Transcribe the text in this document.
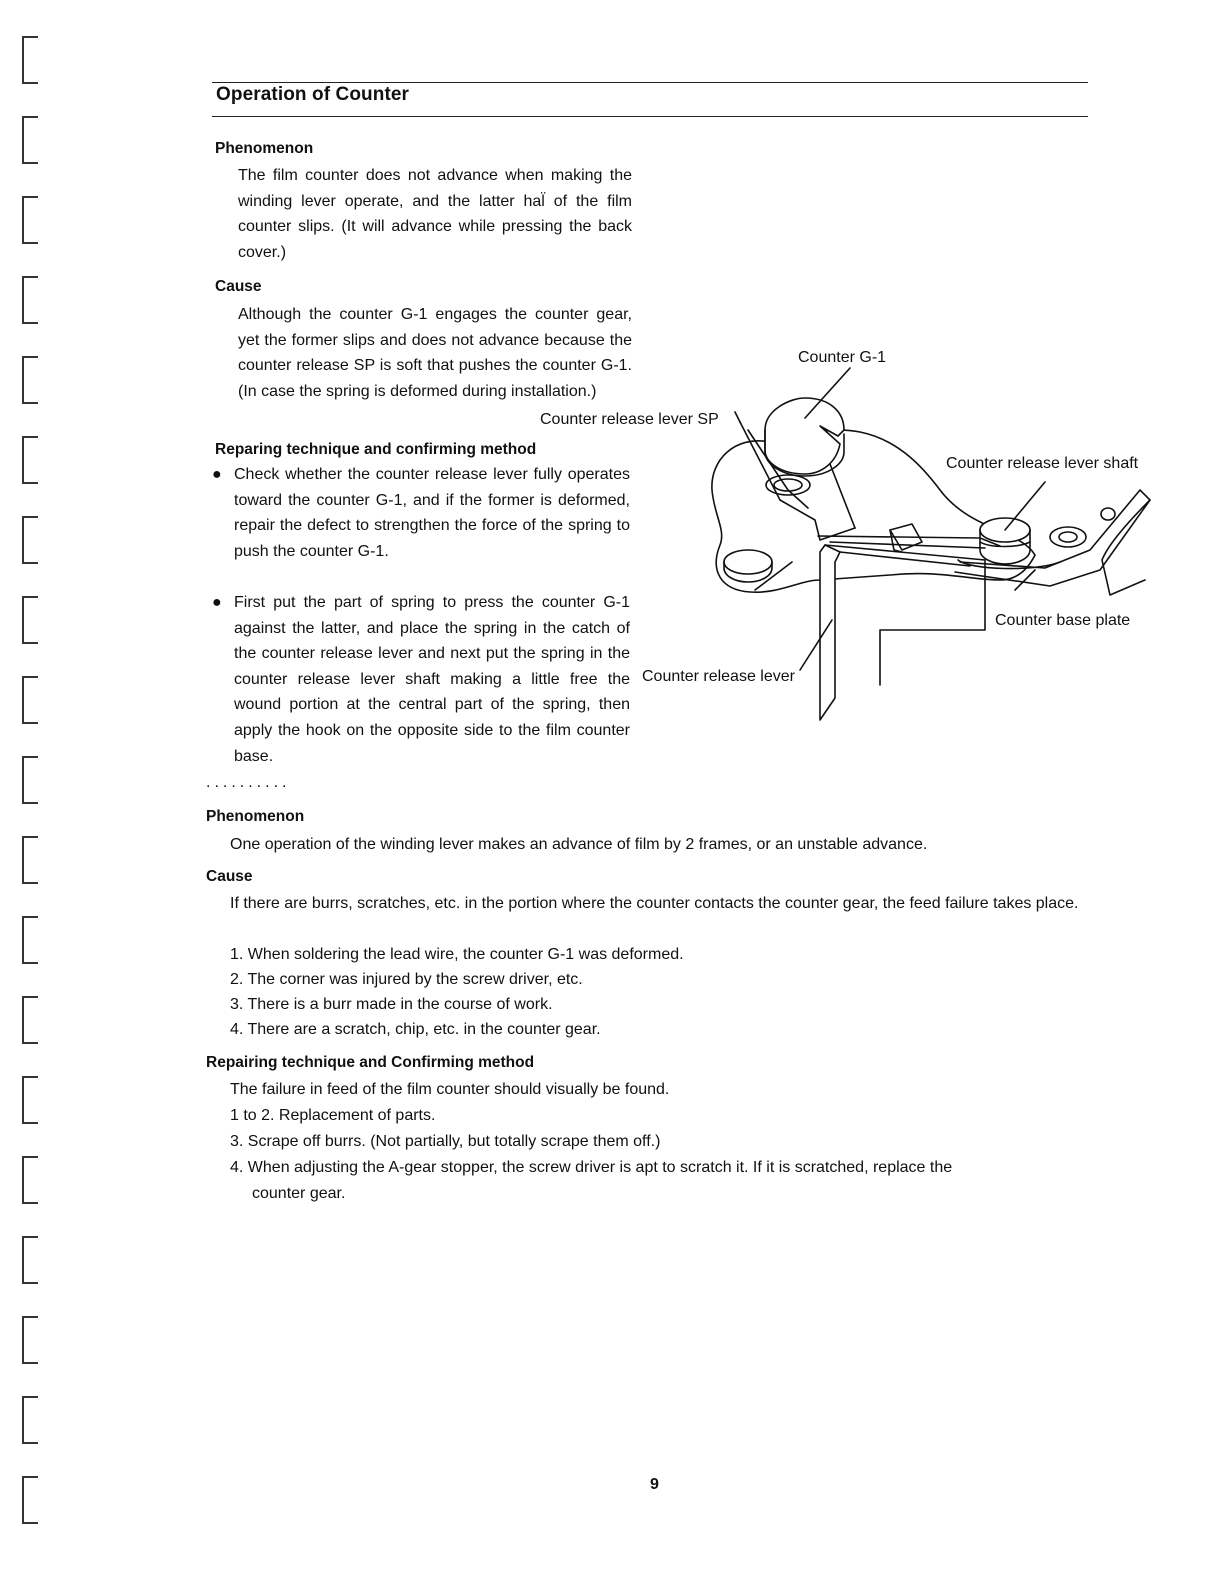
Operation of Counter
Phenomenon
The film counter does not advance when making the winding lever operate, and the latter hal̈ of the film counter slips. (It will advance while pressing the back cover.)
Cause
Although the counter G-1 engages the counter gear, yet the former slips and does not advance because the counter release SP is soft that pushes the counter G-1. (In case the spring is deformed during installation.)
Reparing technique and confirming method
● Check whether the counter release lever fully operates toward the counter G-1, and if the former is deformed, repair the defect to strengthen the force of the spring to push the counter G-1.
● First put the part of spring to press the counter G-1 against the latter, and place the spring in the catch of the counter release lever and next put the spring in the counter release lever shaft making a little free the wound portion at the central part of the spring, then apply the hook on the opposite side to the film counter base.
..........
Counter G-1
Counter release lever SP
Counter release lever shaft
Counter base plate
Counter release lever
Phenomenon
One operation of the winding lever makes an advance of film by 2 frames, or an unstable advance.
Cause
If there are burrs, scratches, etc. in the portion where the counter contacts the counter gear, the feed failure takes place.
1. When soldering the lead wire, the counter G-1 was deformed.
2. The corner was injured by the screw driver, etc.
3. There is a burr made in the course of work.
4. There are a scratch, chip, etc. in the counter gear.
Repairing technique and Confirming method
The failure in feed of the film counter should visually be found.
1 to 2. Replacement of parts.
3. Scrape off burrs. (Not partially, but totally scrape them off.)
4. When adjusting the A-gear stopper, the screw driver is apt to scratch it. If it is scratched, replace the
counter gear.
9
